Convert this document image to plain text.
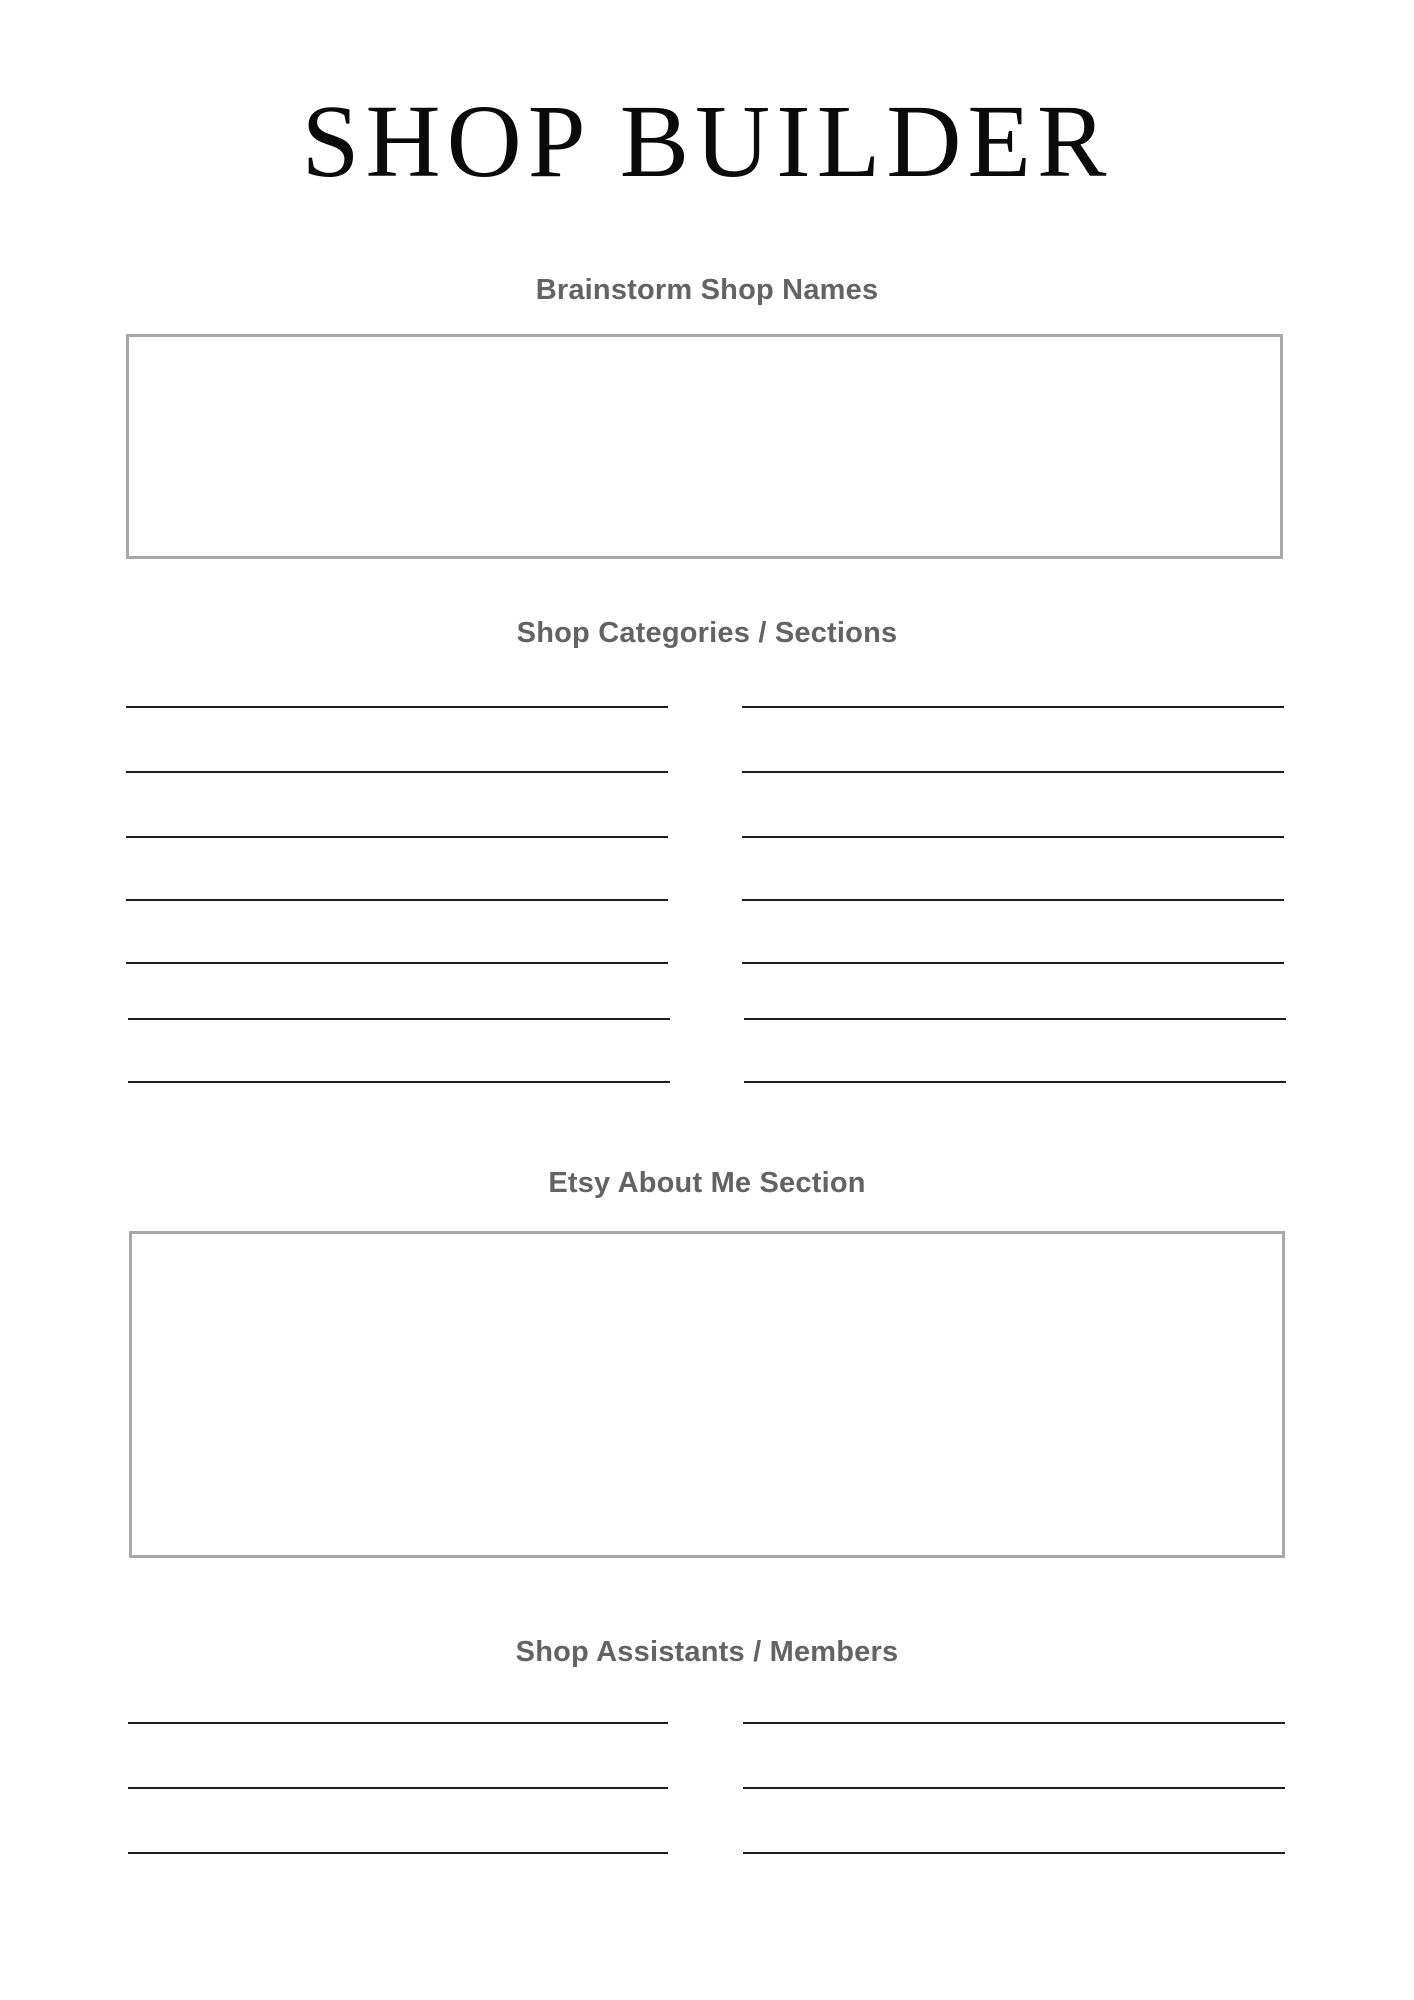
SHOP BUILDER
Brainstorm Shop Names
Shop Categories / Sections
Etsy About Me Section
Shop Assistants / Members
